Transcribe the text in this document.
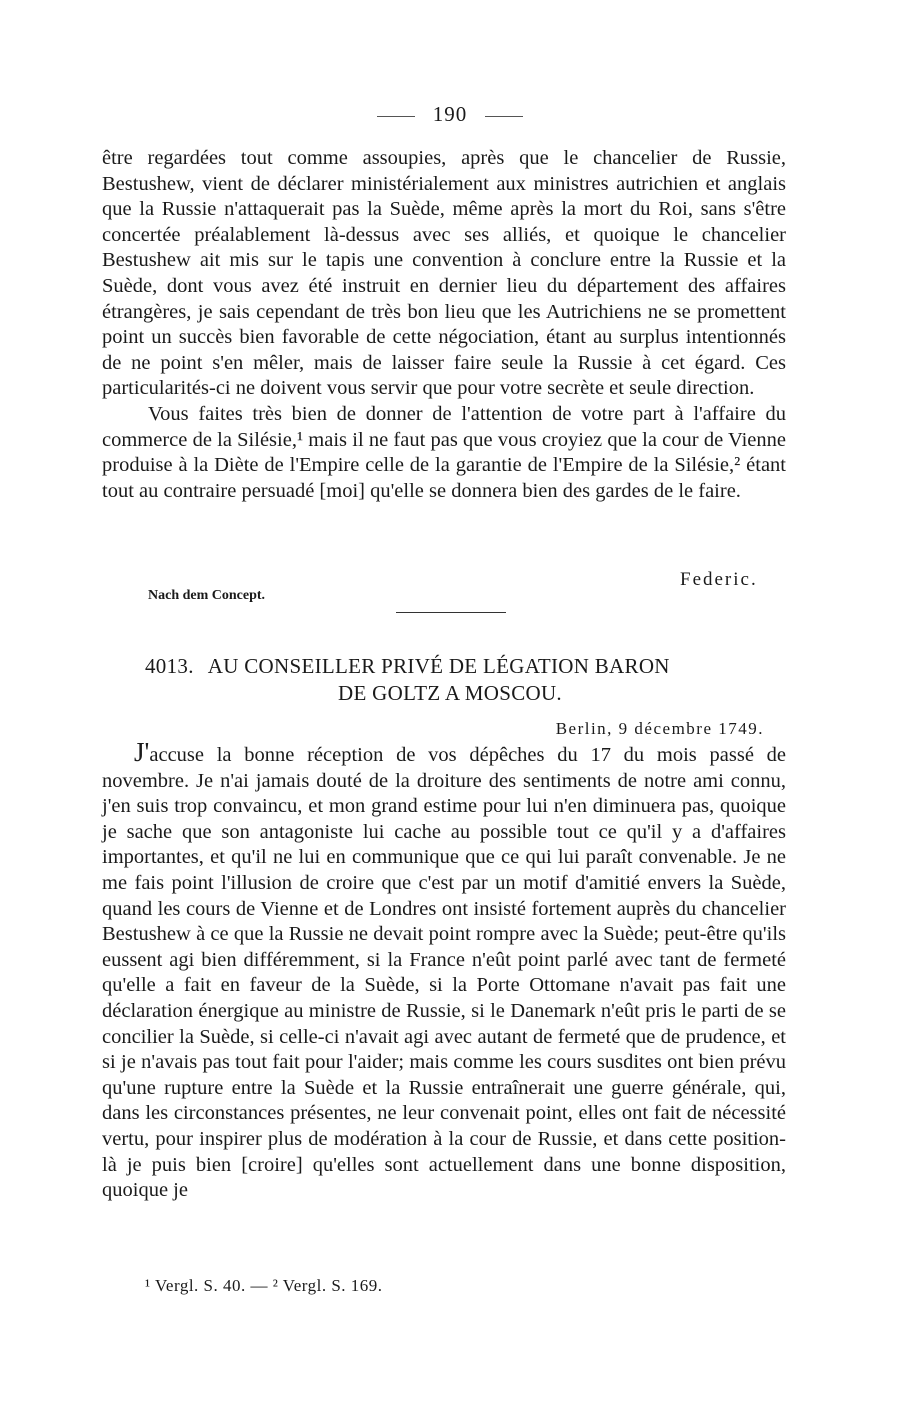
190

être regardées tout comme assoupies, après que le chancelier de Russie, Bestushew, vient de déclarer ministérialement aux ministres autrichien et anglais que la Russie n'attaquerait pas la Suède, même après la mort du Roi, sans s'être concertée préalablement là-dessus avec ses alliés, et quoique le chancelier Bestushew ait mis sur le tapis une convention à conclure entre la Russie et la Suède, dont vous avez été instruit en dernier lieu du département des affaires étrangères, je sais cependant de très bon lieu que les Autrichiens ne se promettent point un succès bien favorable de cette négociation, étant au surplus intentionnés de ne point s'en mêler, mais de laisser faire seule la Russie à cet égard. Ces particularités-ci ne doivent vous servir que pour votre secrète et seule direction.

Vous faites très bien de donner de l'attention de votre part à l'affaire du commerce de la Silésie,¹ mais il ne faut pas que vous croyiez que la cour de Vienne produise à la Diète de l'Empire celle de la garantie de l'Empire de la Silésie,² étant tout au contraire persuadé [moi] qu'elle se donnera bien des gardes de le faire.

Federic.
Nach dem Concept.
4013. AU CONSEILLER PRIVÉ DE LÉGATION BARON
DE GOLTZ A MOSCOU.
Berlin, 9 décembre 1749.

J'accuse la bonne réception de vos dépêches du 17 du mois passé de novembre. Je n'ai jamais douté de la droiture des sentiments de notre ami connu, j'en suis trop convaincu, et mon grand estime pour lui n'en diminuera pas, quoique je sache que son antagoniste lui cache au possible tout ce qu'il y a d'affaires importantes, et qu'il ne lui en communique que ce qui lui paraît convenable. Je ne me fais point l'illusion de croire que c'est par un motif d'amitié envers la Suède, quand les cours de Vienne et de Londres ont insisté fortement auprès du chancelier Bestushew à ce que la Russie ne devait point rompre avec la Suède; peut-être qu'ils eussent agi bien différemment, si la France n'eût point parlé avec tant de fermeté qu'elle a fait en faveur de la Suède, si la Porte Ottomane n'avait pas fait une déclaration énergique au ministre de Russie, si le Danemark n'eût pris le parti de se concilier la Suède, si celle-ci n'avait agi avec autant de fermeté que de prudence, et si je n'avais pas tout fait pour l'aider; mais comme les cours susdites ont bien prévu qu'une rupture entre la Suède et la Russie entraînerait une guerre générale, qui, dans les circonstances présentes, ne leur convenait point, elles ont fait de nécessité vertu, pour inspirer plus de modération à la cour de Russie, et dans cette position-là je puis bien [croire] qu'elles sont actuellement dans une bonne disposition, quoique je

¹ Vergl. S. 40. — ² Vergl. S. 169.
